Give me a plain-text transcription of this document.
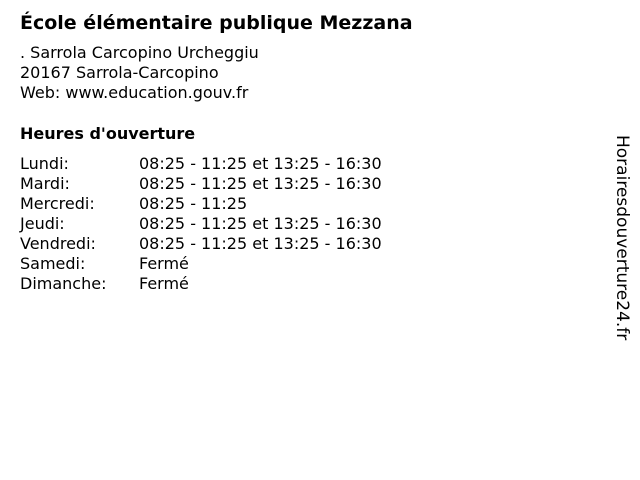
École élémentaire publique Mezzana
. Sarrola Carcopino Urcheggiu
20167 Sarrola-Carcopino
Web: www.education.gouv.fr
Heures d'ouverture
Lundi:	08:25 - 11:25 et 13:25 - 16:30
Mardi:	08:25 - 11:25 et 13:25 - 16:30
Mercredi:	08:25 - 11:25
Jeudi:	08:25 - 11:25 et 13:25 - 16:30
Vendredi:	08:25 - 11:25 et 13:25 - 16:30
Samedi:	Fermé
Dimanche: Fermé	Horairesdouverture24.fr
